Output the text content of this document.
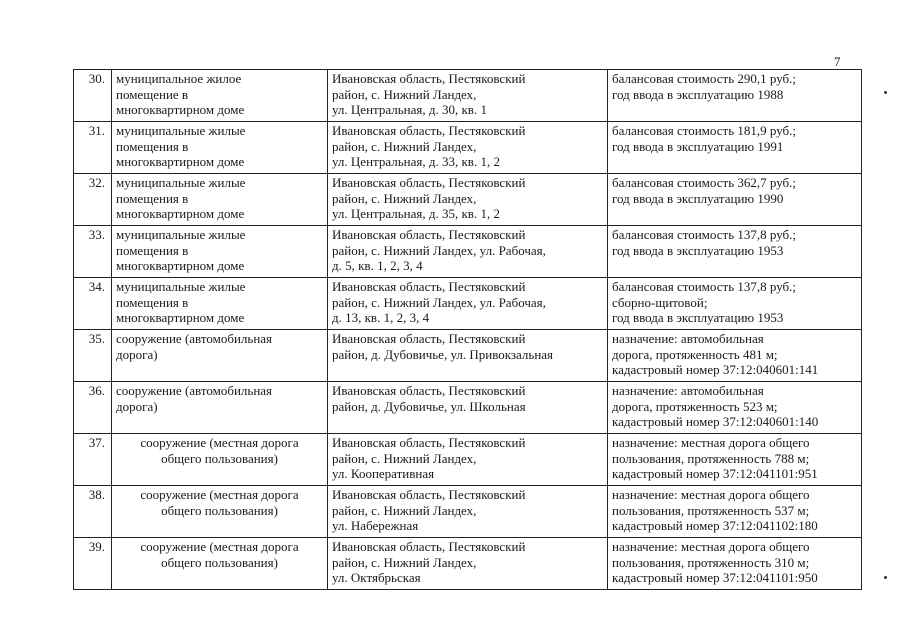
7
30.	муниципальное жилое
помещение в
многоквартирном доме	Ивановская область, Пестяковский
район, с. Нижний Ландех,
ул. Центральная, д. 30, кв. 1	балансовая стоимость 290,1 руб.;
год ввода в эксплуатацию 1988

31.	муниципальные жилые
помещения в
многоквартирном доме	Ивановская область, Пестяковский
район, с. Нижний Ландех,
ул. Центральная, д. 33, кв. 1, 2	балансовая стоимость 181,9 руб.;
год ввода в эксплуатацию 1991

32.	муниципальные жилые
помещения в
многоквартирном доме	Ивановская область, Пестяковский
район, с. Нижний Ландех,
ул. Центральная, д. 35, кв. 1, 2	балансовая стоимость 362,7 руб.;
год ввода в эксплуатацию 1990

33.	муниципальные жилые
помещения в
многоквартирном доме	Ивановская область, Пестяковский
район, с. Нижний Ландех, ул. Рабочая,
д. 5, кв. 1, 2, 3, 4	балансовая стоимость 137,8 руб.;
год ввода в эксплуатацию 1953

34.	муниципальные жилые
помещения в
многоквартирном доме	Ивановская область, Пестяковский
район, с. Нижний Ландех, ул. Рабочая,
д. 13, кв. 1, 2, 3, 4	балансовая стоимость 137,8 руб.;
сборно-щитовой;
год ввода в эксплуатацию 1953

35.	сооружение (автомобильная
дорога)	Ивановская область, Пестяковский
район, д. Дубовичье, ул. Привокзальная	назначение: автомобильная
дорога, протяженность 481 м;
кадастровый номер 37:12:040601:141

36.	сооружение (автомобильная
дорога)	Ивановская область, Пестяковский
район, д. Дубовичье, ул. Школьная	назначение: автомобильная
дорога, протяженность 523 м;
кадастровый номер 37:12:040601:140

37.	сооружение (местная дорога
общего пользования)	Ивановская область, Пестяковский
район, с. Нижний Ландех,
ул. Кооперативная	назначение: местная дорога общего
пользования, протяженность 788 м;
кадастровый номер 37:12:041101:951

38.	сооружение (местная дорога
общего пользования)	Ивановская область, Пестяковский
район, с. Нижний Ландех,
ул. Набережная	назначение: местная дорога общего
пользования, протяженность 537 м;
кадастровый номер 37:12:041102:180

39.	сооружение (местная дорога
общего пользования)	Ивановская область, Пестяковский
район, с. Нижний Ландех,
ул. Октябрьская	назначение: местная дорога общего
пользования, протяженность 310 м;
кадастровый номер 37:12:041101:950
